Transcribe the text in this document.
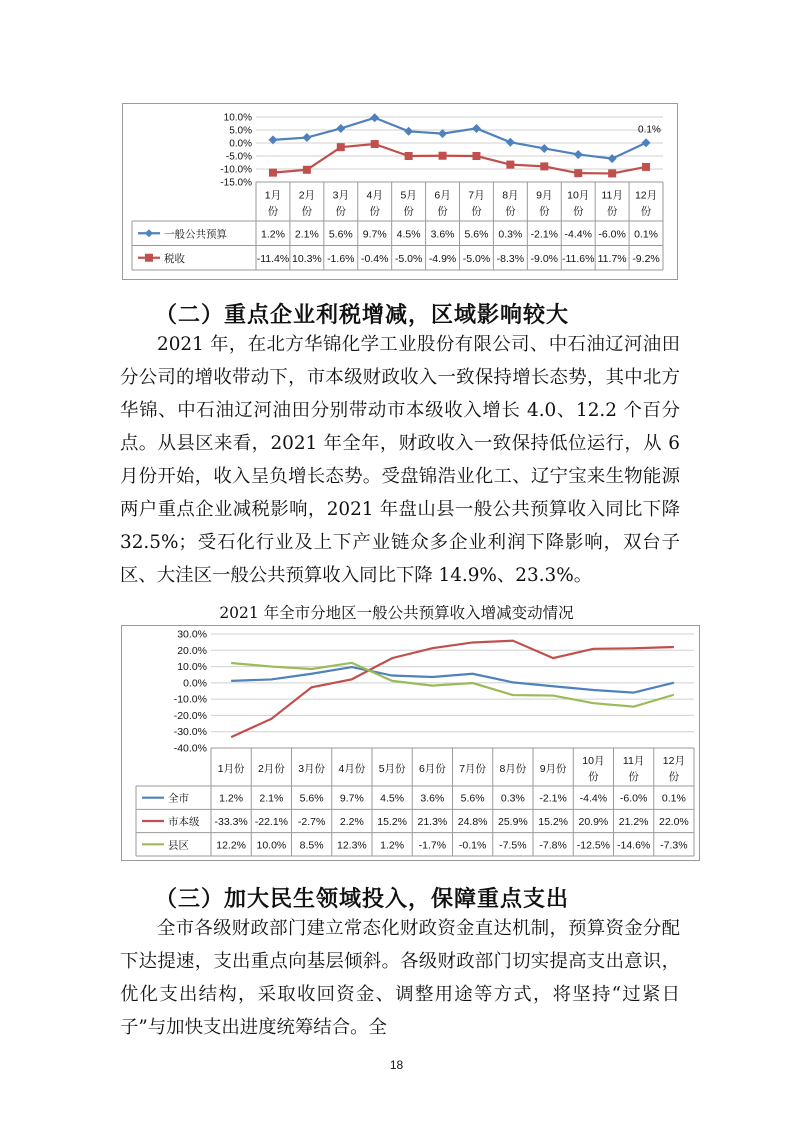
10.0%
5.0%
0.0%
-5.0%
-10.0%
-15.0%
1月
份
2月
份
3月
份
4月
份
5月
份
6月
份
7月
份
8月
份
9月
份
10月
份
11月
份
12月
份
一般公共预算	1.2% 2.1% 5.6% 9.7% 4.5% 3.6% 5.6% 0.3% -2.1% -4.4% -6.0% 0.1%
税收	-11.4% 10.3% -1.6% -0.4% -5.0% -4.9% -5.0% -8.3% -9.0% -11.6% 11.7% -9.2%
0.1%
（二）重点企业利税增减，区域影响较大

2021 年，在北方华锦化学工业股份有限公司、中石油辽河油田分公司的增收带动下，市本级财政收入一致保持增长态势，其中北方华锦、中石油辽河油田分别带动市本级收入增长 4.0、12.2 个百分点。从县区来看，2021 年全年，财政收入一致保持低位运行，从 6 月份开始，收入呈负增长态势。受盘锦浩业化工、辽宁宝来生物能源两户重点企业减税影响，2021 年盘山县一般公共预算收入同比下降 32.5%；受石化行业及上下产业链众多企业利润下降影响，双台子区、大洼区一般公共预算收入同比下降 14.9%、23.3%。

2021 年全市分地区一般公共预算收入增减变动情况

30.0%
20.0%
10.0%
0.0%
-10.0%
-20.0%
-30.0%
-40.0%
1月份 2月份 3月份 4月份 5月份 6月份 7月份 8月份 9月份
10月
份
11月
份
12月
份
全市	1.2% 2.1% 5.6% 9.7% 4.5% 3.6% 5.6% 0.3% -2.1% -4.4% -6.0% 0.1%
市本级 -33.3% -22.1% -2.7% 2.2% 15.2% 21.3% 24.8% 25.9% 15.2% 20.9% 21.2% 22.0%
县区	12.2% 10.0% 8.5% 12.3% 1.2% -1.7% -0.1% -7.5% -7.8% -12.5% -14.6% -7.3%
（三）加大民生领域投入，保障重点支出

全市各级财政部门建立常态化财政资金直达机制，预算资金分配下达提速，支出重点向基层倾斜。各级财政部门切实提高支出意识，优化支出结构，采取收回资金、调整用途等方式，将坚持“过紧日子”与加快支出进度统筹结合。全

18
